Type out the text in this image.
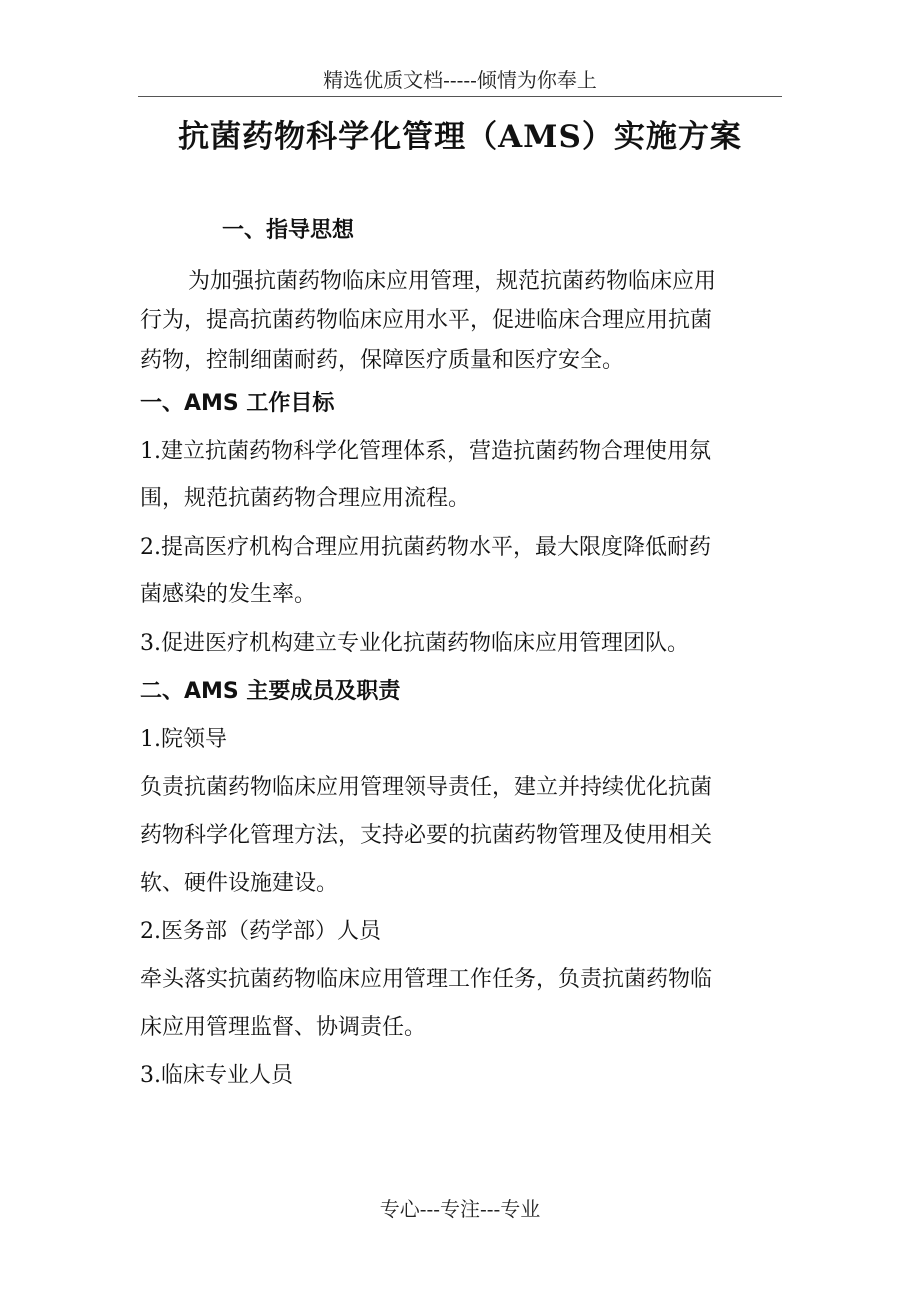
精选优质文档-----倾情为你奉上
抗菌药物科学化管理（AMS）实施方案
一、指导思想
为加强抗菌药物临床应用管理，规范抗菌药物临床应用
行为，提高抗菌药物临床应用水平，促进临床合理应用抗菌
药物，控制细菌耐药，保障医疗质量和医疗安全。
一、AMS 工作目标
1.建立抗菌药物科学化管理体系，营造抗菌药物合理使用氛
围，规范抗菌药物合理应用流程。
2.提高医疗机构合理应用抗菌药物水平，最大限度降低耐药
菌感染的发生率。
3.促进医疗机构建立专业化抗菌药物临床应用管理团队。
二、AMS 主要成员及职责
1.院领导
负责抗菌药物临床应用管理领导责任，建立并持续优化抗菌
药物科学化管理方法，支持必要的抗菌药物管理及使用相关
软、硬件设施建设。
2.医务部（药学部）人员
牵头落实抗菌药物临床应用管理工作任务，负责抗菌药物临
床应用管理监督、协调责任。
3.临床专业人员
专心---专注---专业
